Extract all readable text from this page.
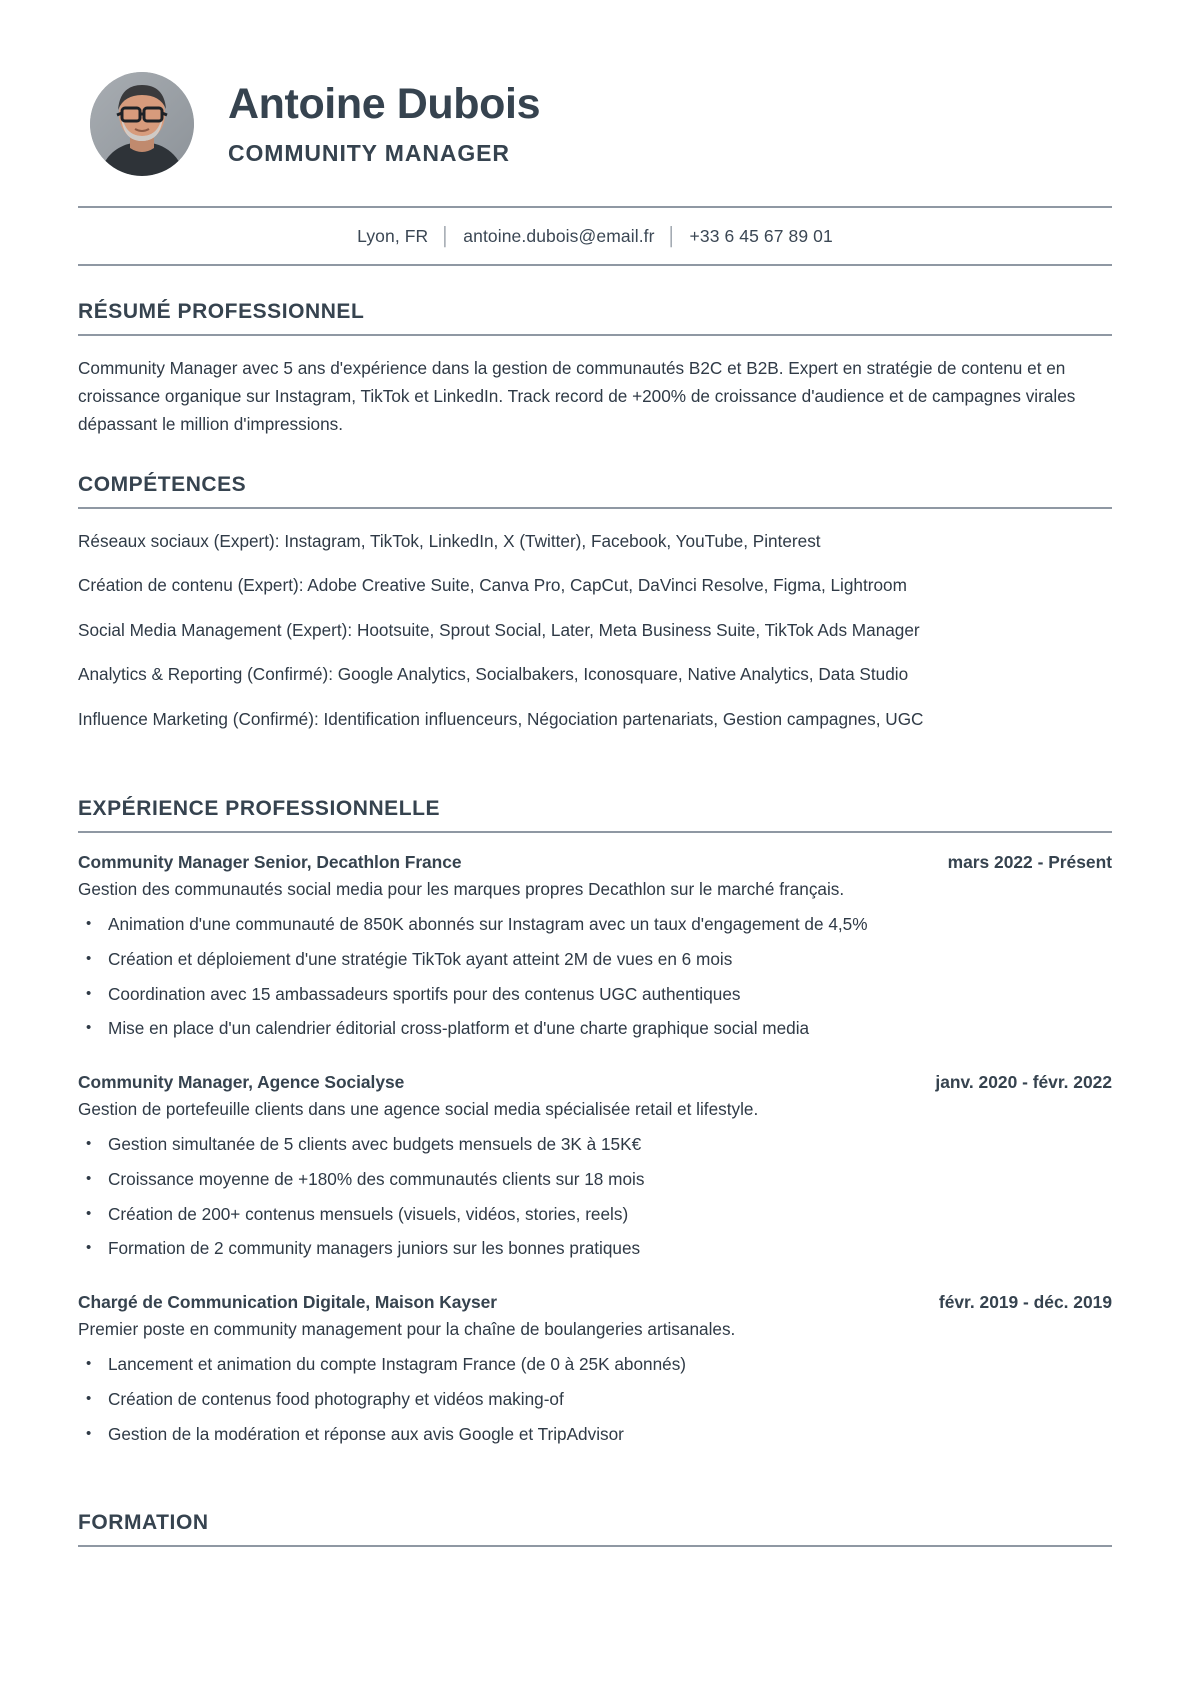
Antoine Dubois
COMMUNITY MANAGER
Lyon, FR │ antoine.dubois@email.fr │ +33 6 45 67 89 01
RÉSUMÉ PROFESSIONNEL

Community Manager avec 5 ans d'expérience dans la gestion de communautés B2C et B2B. Expert en stratégie de contenu et en croissance organique sur Instagram, TikTok et LinkedIn. Track record de +200% de croissance d'audience et de campagnes virales dépassant le million d'impressions.

COMPÉTENCES

Réseaux sociaux (Expert): Instagram, TikTok, LinkedIn, X (Twitter), Facebook, YouTube, Pinterest

Création de contenu (Expert): Adobe Creative Suite, Canva Pro, CapCut, DaVinci Resolve, Figma, Lightroom

Social Media Management (Expert): Hootsuite, Sprout Social, Later, Meta Business Suite, TikTok Ads Manager

Analytics & Reporting (Confirmé): Google Analytics, Socialbakers, Iconosquare, Native Analytics, Data Studio

Influence Marketing (Confirmé): Identification influenceurs, Négociation partenariats, Gestion campagnes, UGC

EXPÉRIENCE PROFESSIONNELLE
Community Manager Senior, Decathlon France	mars 2022 - Présent

Gestion des communautés social media pour les marques propres Decathlon sur le marché français.

• Animation d'une communauté de 850K abonnés sur Instagram avec un taux d'engagement de 4,5%
• Création et déploiement d'une stratégie TikTok ayant atteint 2M de vues en 6 mois
• Coordination avec 15 ambassadeurs sportifs pour des contenus UGC authentiques
• Mise en place d'un calendrier éditorial cross-platform et d'une charte graphique social media
Community Manager, Agence Socialyse	janv. 2020 - févr. 2022

Gestion de portefeuille clients dans une agence social media spécialisée retail et lifestyle.

• Gestion simultanée de 5 clients avec budgets mensuels de 3K à 15K€
• Croissance moyenne de +180% des communautés clients sur 18 mois
• Création de 200+ contenus mensuels (visuels, vidéos, stories, reels)
• Formation de 2 community managers juniors sur les bonnes pratiques
Chargé de Communication Digitale, Maison Kayser	févr. 2019 - déc. 2019

Premier poste en community management pour la chaîne de boulangeries artisanales.

• Lancement et animation du compte Instagram France (de 0 à 25K abonnés)
• Création de contenus food photography et vidéos making-of
• Gestion de la modération et réponse aux avis Google et TripAdvisor
FORMATION
